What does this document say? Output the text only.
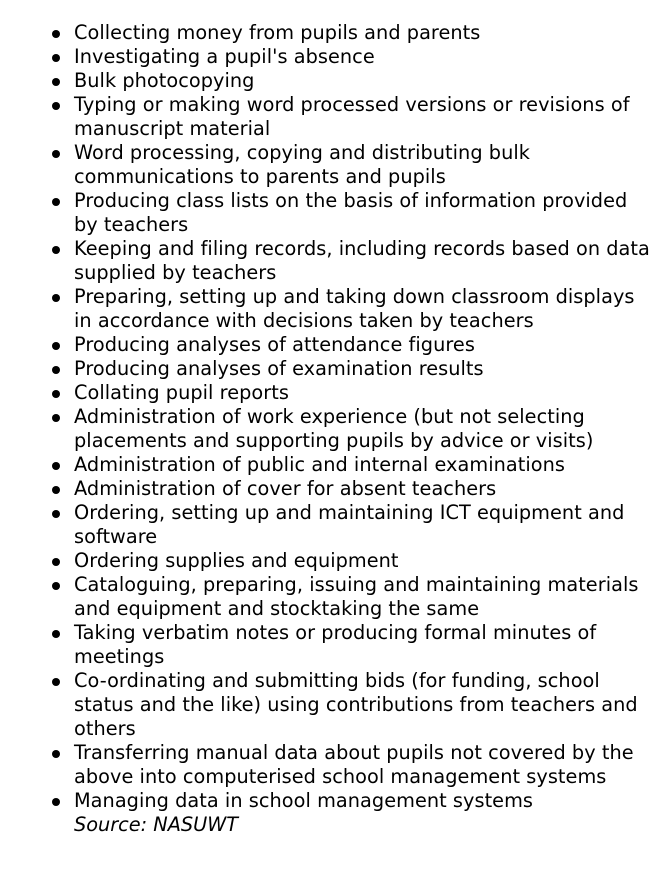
Collecting money from pupils and parents
Investigating a pupil's absence
Bulk photocopying
Typing or making word processed versions or revisions of manuscript material
Word processing, copying and distributing bulk communications to parents and pupils
Producing class lists on the basis of information provided by teachers
Keeping and filing records, including records based on data supplied by teachers
Preparing, setting up and taking down classroom displays in accordance with decisions taken by teachers
Producing analyses of attendance figures
Producing analyses of examination results
Collating pupil reports
Administration of work experience (but not selecting placements and supporting pupils by advice or visits)
Administration of public and internal examinations
Administration of cover for absent teachers
Ordering, setting up and maintaining ICT equipment and software
Ordering supplies and equipment
Cataloguing, preparing, issuing and maintaining materials and equipment and stocktaking the same
Taking verbatim notes or producing formal minutes of meetings
Co-ordinating and submitting bids (for funding, school status and the like) using contributions from teachers and others
Transferring manual data about pupils not covered by the above into computerised school management systems
Managing data in school management systems
Source: NASUWT
